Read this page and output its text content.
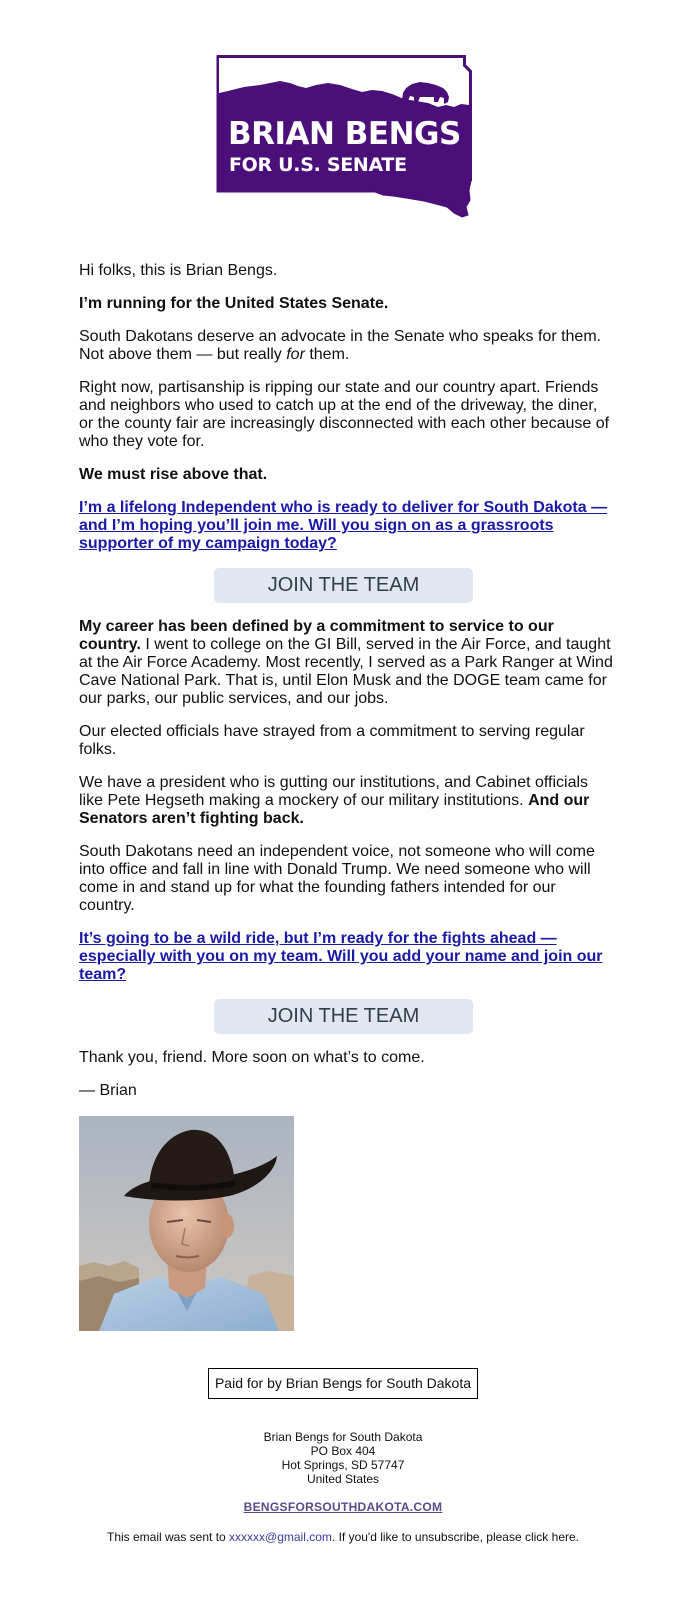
BRIAN BENGS
FOR U.S. SENATE

Hi folks, this is Brian Bengs.

I’m running for the United States Senate.

South Dakotans deserve an advocate in the Senate who speaks for them. Not above them — but really for them.

Right now, partisanship is ripping our state and our country apart. Friends and neighbors who used to catch up at the end of the driveway, the diner, or the county fair are increasingly disconnected with each other because of who they vote for.

We must rise above that.

I’m a lifelong Independent who is ready to deliver for South Dakota — and I’m hoping you’ll join me. Will you sign on as a grassroots supporter of my campaign today?

JOIN THE TEAM

My career has been defined by a commitment to service to our country. I went to college on the GI Bill, served in the Air Force, and taught at the Air Force Academy. Most recently, I served as a Park Ranger at Wind Cave National Park. That is, until Elon Musk and the DOGE team came for our parks, our public services, and our jobs.

Our elected officials have strayed from a commitment to serving regular folks.

We have a president who is gutting our institutions, and Cabinet officials like Pete Hegseth making a mockery of our military institutions. And our Senators aren’t fighting back.

South Dakotans need an independent voice, not someone who will come into office and fall in line with Donald Trump. We need someone who will come in and stand up for what the founding fathers intended for our country.

It’s going to be a wild ride, but I’m ready for the fights ahead — especially with you on my team. Will you add your name and join our team?

JOIN THE TEAM

Thank you, friend. More soon on what’s to come.

— Brian

Paid for by Brian Bengs for South Dakota
Brian Bengs for South Dakota
PO Box 404
Hot Springs, SD 57747
United States
BENGSFORSOUTHDAKOTA.COM
This email was sent to xxxxxx@gmail.com. If you'd like to unsubscribe, please click here.
